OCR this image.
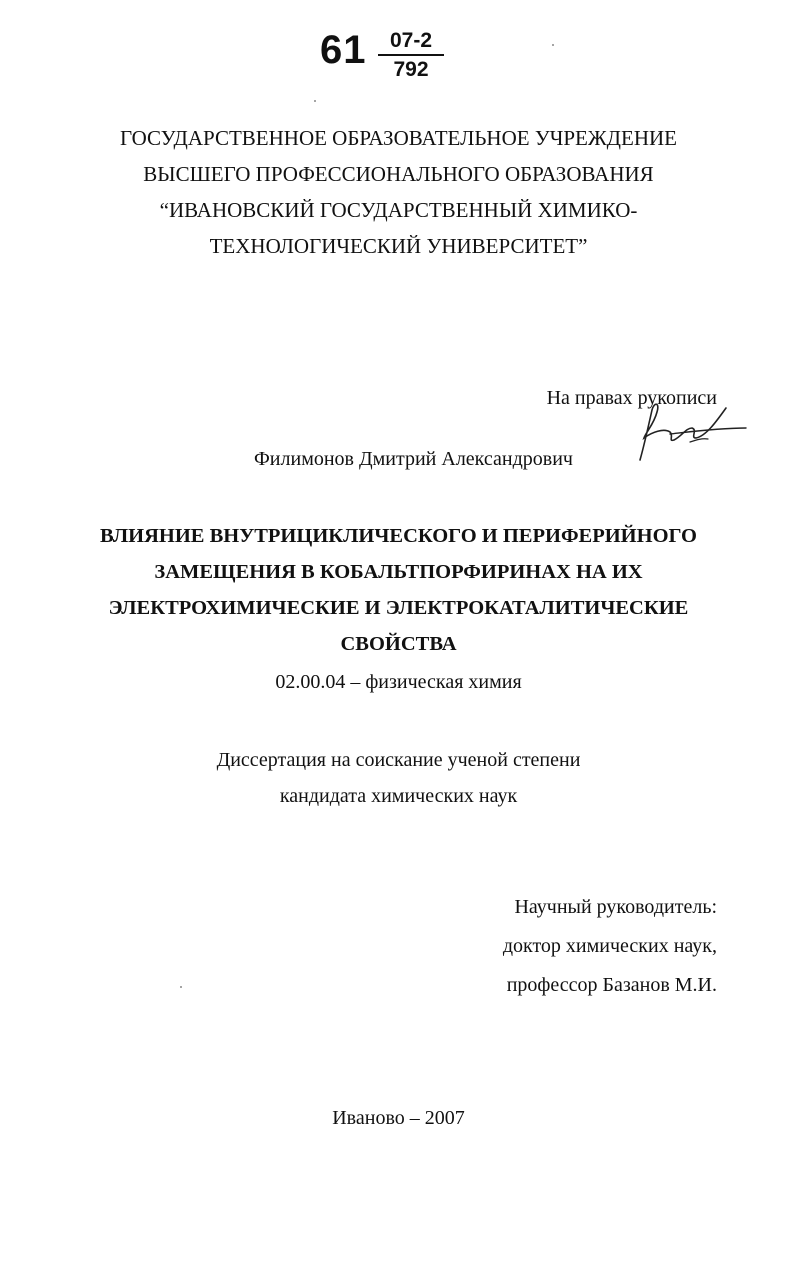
61	07-2
792
ГОСУДАРСТВЕННОЕ ОБРАЗОВАТЕЛЬНОЕ УЧРЕЖДЕНИЕ
ВЫСШЕГО ПРОФЕССИОНАЛЬНОГО ОБРАЗОВАНИЯ
“ИВАНОВСКИЙ ГОСУДАРСТВЕННЫЙ ХИМИКО-
ТЕХНОЛОГИЧЕСКИЙ УНИВЕРСИТЕТ”
На правах рукописи
Филимонов Дмитрий Александрович
ВЛИЯНИЕ ВНУТРИЦИКЛИЧЕСКОГО И ПЕРИФЕРИЙНОГО
ЗАМЕЩЕНИЯ В КОБАЛЬТПОРФИРИНАХ НА ИХ
ЭЛЕКТРОХИМИЧЕСКИЕ И ЭЛЕКТРОКАТАЛИТИЧЕСКИЕ
СВОЙСТВА
02.00.04 – физическая химия
Диссертация на соискание ученой степени
кандидата химических наук
Научный руководитель:
доктор химических наук,
профессор Базанов М.И.
Иваново – 2007
